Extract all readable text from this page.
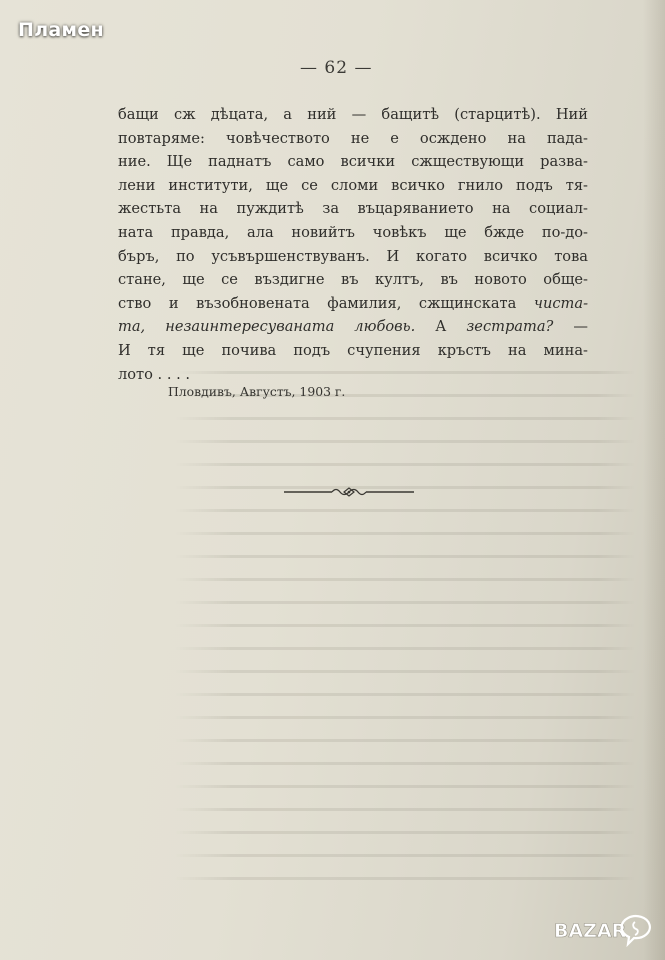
Пламен
— 62 —
бащи сж дѣцата, а ний — бащитѣ (старцитѣ). Ний
повтаряме: човѣчеството не е осждено на пада-
ние. Ще паднатъ само всички сжществующи разва-
лени институти, ще се сломи всичко гнило подъ тя-
жестьта на пуждитѣ за въцаряванието на социал-
ната правда, ала новийтъ човѣкъ ще бжде по-до-
бъръ, по усъвършенствуванъ. И когато всичко това
стане, ще се въздигне въ култъ, въ новото обще-
ство и възобновената фамилия, сжщинската чиста-
та, незаинтересуваната любовь. А зестрата? —
И тя ще почива подъ счупения кръстъ на мина-
лото . . . .
Пловдивъ, Августъ, 1903 г.
BAZAR
